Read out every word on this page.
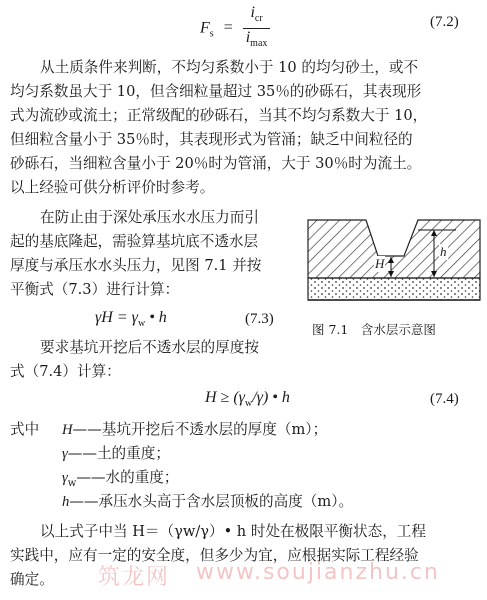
$F_s = \frac{i_{cr}}{i_{max}}$	(7.2)
从土质条件来判断，不均匀系数小于 10 的均匀砂土，或不
均匀系数虽大于 10，但含细粒量超过 35％的砂砾石，其表现形
式为流砂或流土；正常级配的砂砾石，当其不均匀系数大于 10，
但细粒含量小于 35％时，其表现形式为管涌；缺乏中间粒径的
砂砾石，当细粒含量小于 20％时为管涌，大于 30％时为流土。
以上经验可供分析评价时参考。
在防止由于深处承压水水压力而引
起的基底隆起，需验算基坑底不透水层
厚度与承压水水头压力，见图 7.1 并按
平衡式（7.3）进行计算：
$\gamma H = \gamma_w$ • h	(7.3)
H
h
图 7.1　含水层示意图
要求基坑开挖后不透水层的厚度按
式（7.4）计算：
$H \ge (\gamma_w/\gamma)$ • h	(7.4)
式中 H——基坑开挖后不透水层的厚度（m）；
γ——土的重度；
$\gamma_w——$水的重度；
h——承压水头高于含水层顶板的高度（m）。
以上式子中当 H＝（γw/γ）• h 时处在极限平衡状态，工程
实践中，应有一定的安全度，但多少为宜，应根据实际工程经验
确定。 筑龙网 www.soujianzhu.cn
